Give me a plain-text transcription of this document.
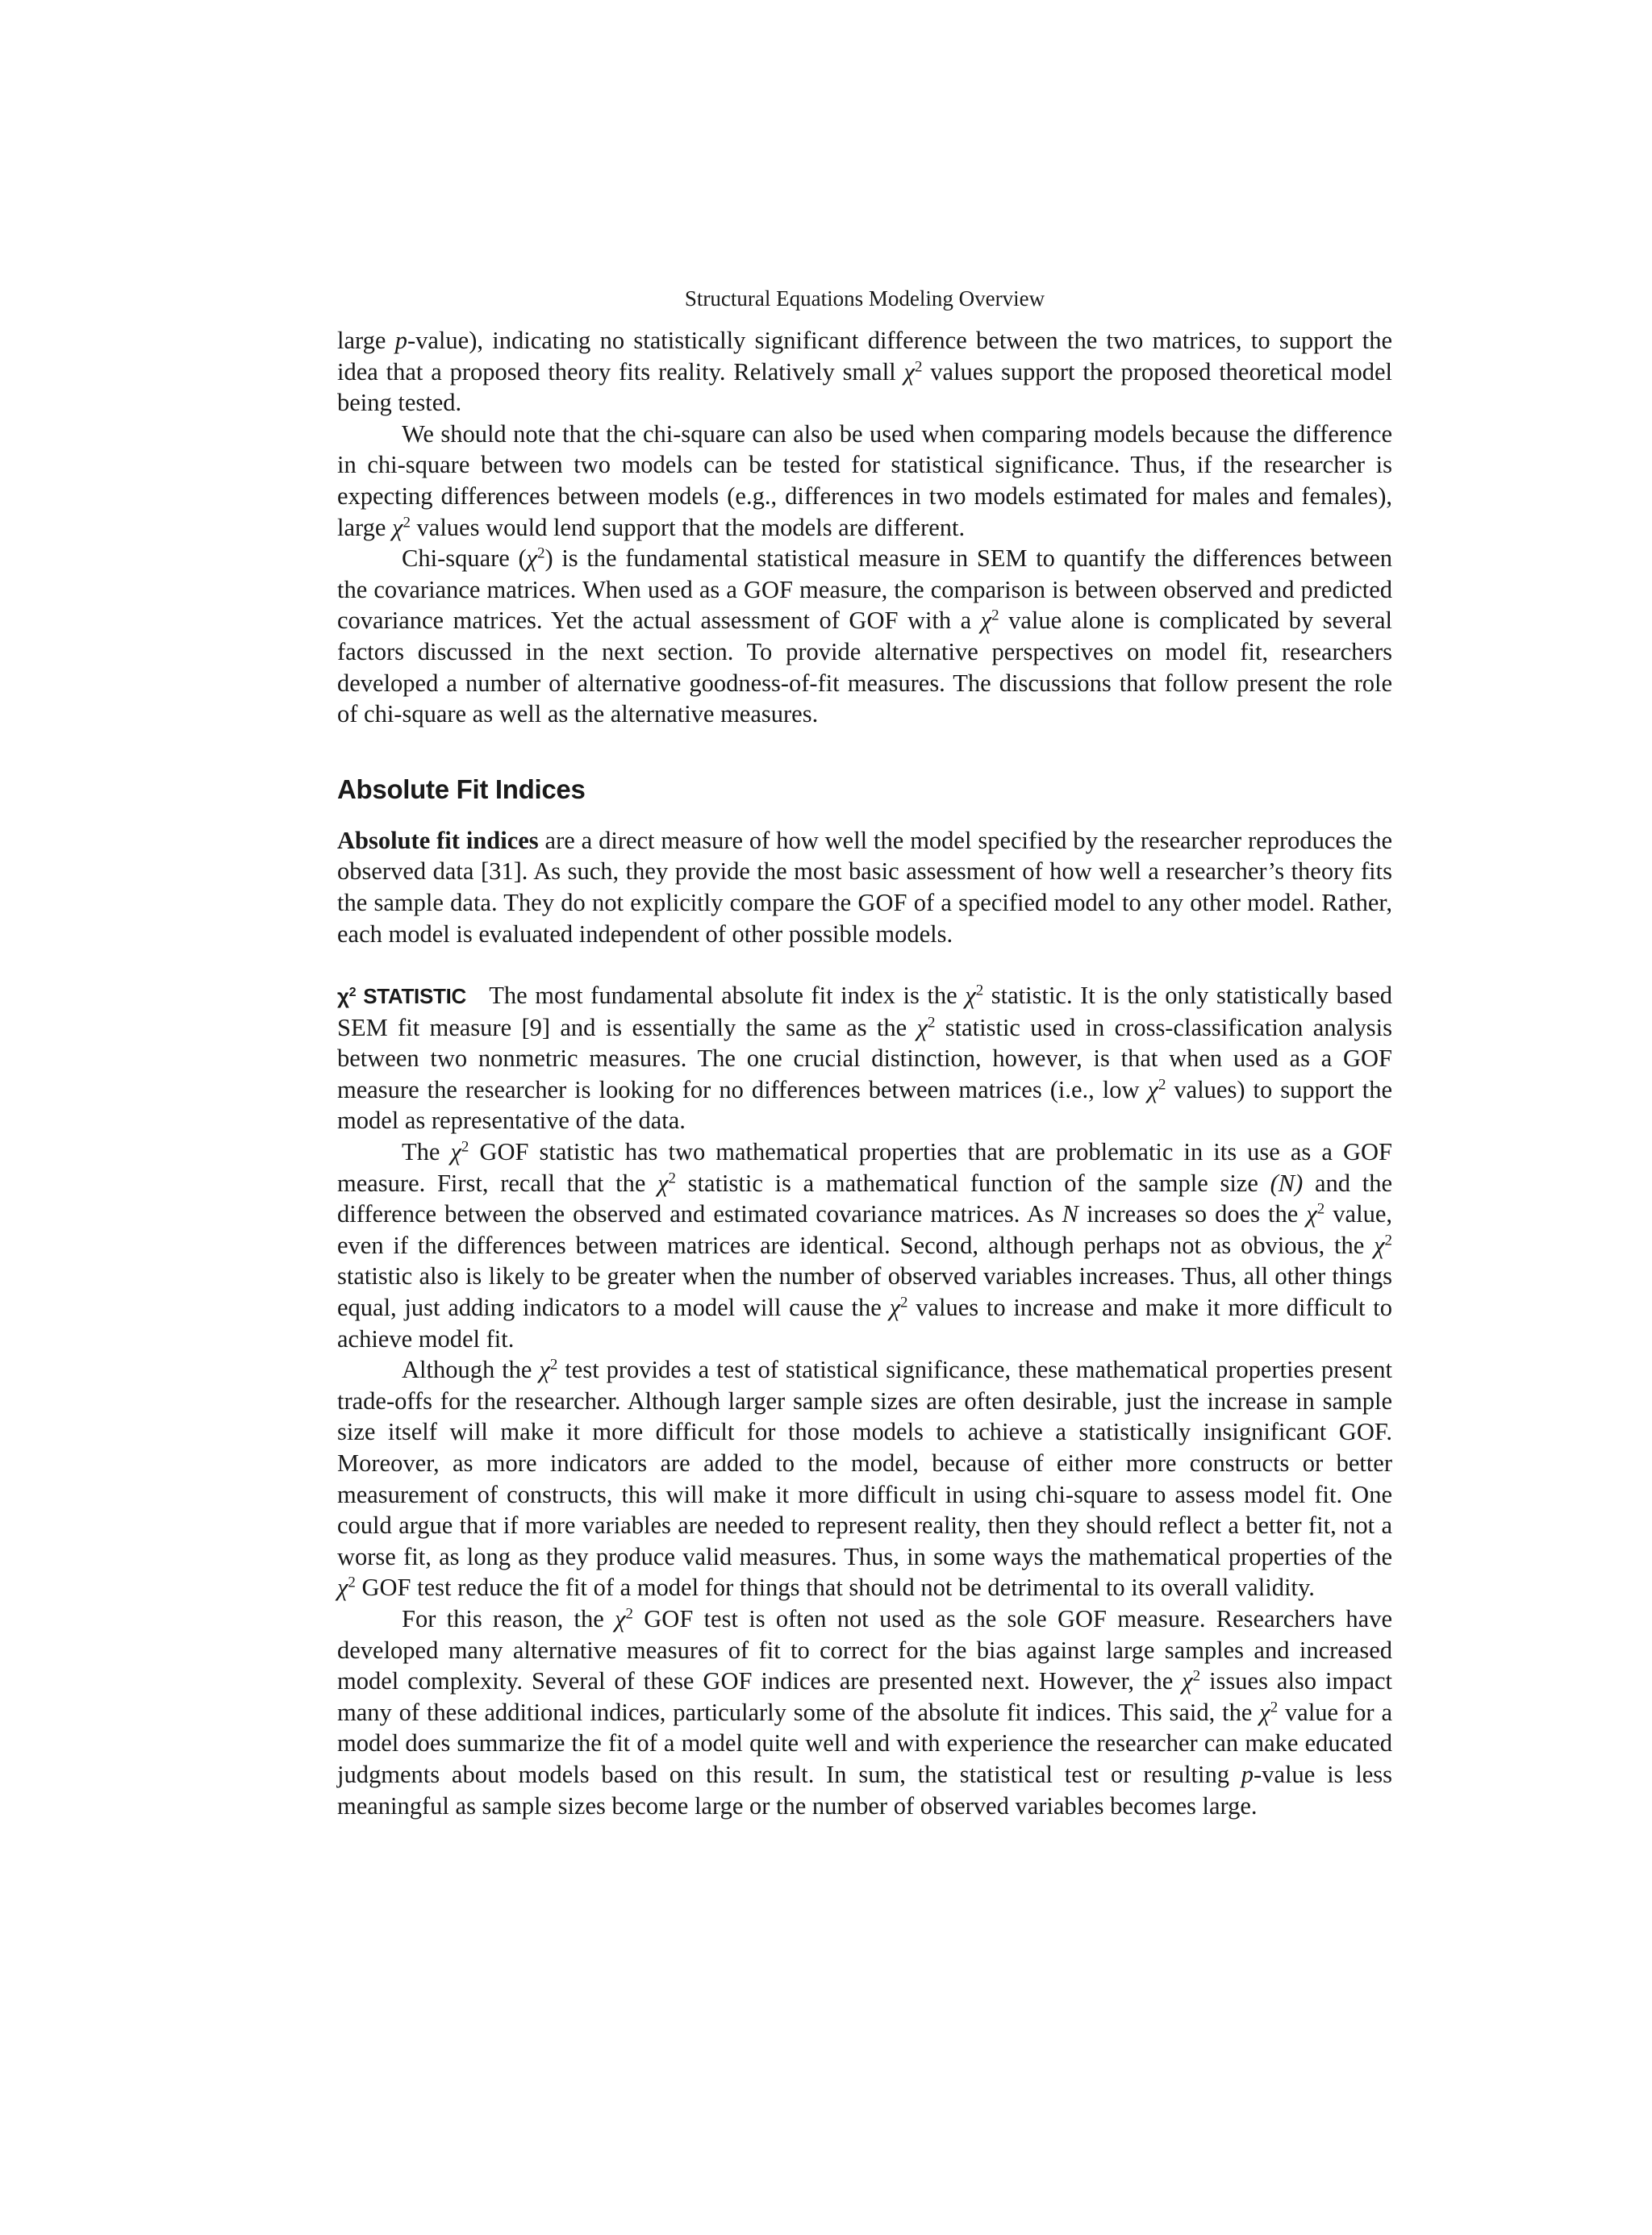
Structural Equations Modeling Overview

large p-value), indicating no statistically significant difference between the two matrices, to support the idea that a proposed theory fits reality. Relatively small $\chi^2$ values support the proposed theoretical model being tested.

We should note that the chi-square can also be used when comparing models because the difference in chi-square between two models can be tested for statistical significance. Thus, if the researcher is expecting differences between models (e.g., differences in two models estimated for males and females), large $\chi^2$ values would lend support that the models are different.

Chi-square $(\chi^2)$ is the fundamental statistical measure in SEM to quantify the differences between the covariance matrices. When used as a GOF measure, the comparison is between observed and predicted covariance matrices. Yet the actual assessment of GOF with a $\chi^2$ value alone is complicated by several factors discussed in the next section. To provide alternative perspectives on model fit, researchers developed a number of alternative goodness-of-fit measures. The discussions that follow present the role of chi-square as well as the alternative measures.

Absolute Fit Indices

Absolute fit indices are a direct measure of how well the model specified by the researcher reproduces the observed data [31]. As such, they provide the most basic assessment of how well a researcher’s theory fits the sample data. They do not explicitly compare the GOF of a specified model to any other model. Rather, each model is evaluated independent of other possible models.

$\chi^2$ STATISTIC   The most fundamental absolute fit index is the $\chi^2$ statistic. It is the only statistically based SEM fit measure [9] and is essentially the same as the $\chi^2$ statistic used in cross-classification analysis between two nonmetric measures. The one crucial distinction, however, is that when used as a GOF measure the researcher is looking for no differences between matrices (i.e., low $\chi^2$ values) to support the model as representative of the data.

The $\chi^2$ GOF statistic has two mathematical properties that are problematic in its use as a GOF measure. First, recall that the $\chi^2$ statistic is a mathematical function of the sample size (N) and the difference between the observed and estimated covariance matrices. As N increases so does the $\chi^2$ value, even if the differences between matrices are identical. Second, although perhaps not as obvious, the $\chi^2$ statistic also is likely to be greater when the number of observed variables increases. Thus, all other things equal, just adding indicators to a model will cause the $\chi^2$ values to increase and make it more difficult to achieve model fit.

Although the $\chi^2$ test provides a test of statistical significance, these mathematical properties present trade-offs for the researcher. Although larger sample sizes are often desirable, just the increase in sample size itself will make it more difficult for those models to achieve a statistically insignificant GOF. Moreover, as more indicators are added to the model, because of either more constructs or better measurement of constructs, this will make it more difficult in using chi-square to assess model fit. One could argue that if more variables are needed to represent reality, then they should reflect a better fit, not a worse fit, as long as they produce valid measures. Thus, in some ways the mathematical properties of the $\chi^2$ GOF test reduce the fit of a model for things that should not be detrimental to its overall validity.

For this reason, the $\chi^2$ GOF test is often not used as the sole GOF measure. Researchers have developed many alternative measures of fit to correct for the bias against large samples and increased model complexity. Several of these GOF indices are presented next. However, the $\chi^2$ issues also impact many of these additional indices, particularly some of the absolute fit indices. This said, the $\chi^2$ value for a model does summarize the fit of a model quite well and with experience the researcher can make educated judgments about models based on this result. In sum, the statistical test or resulting p-value is less meaningful as sample sizes become large or the number of observed variables becomes large.
